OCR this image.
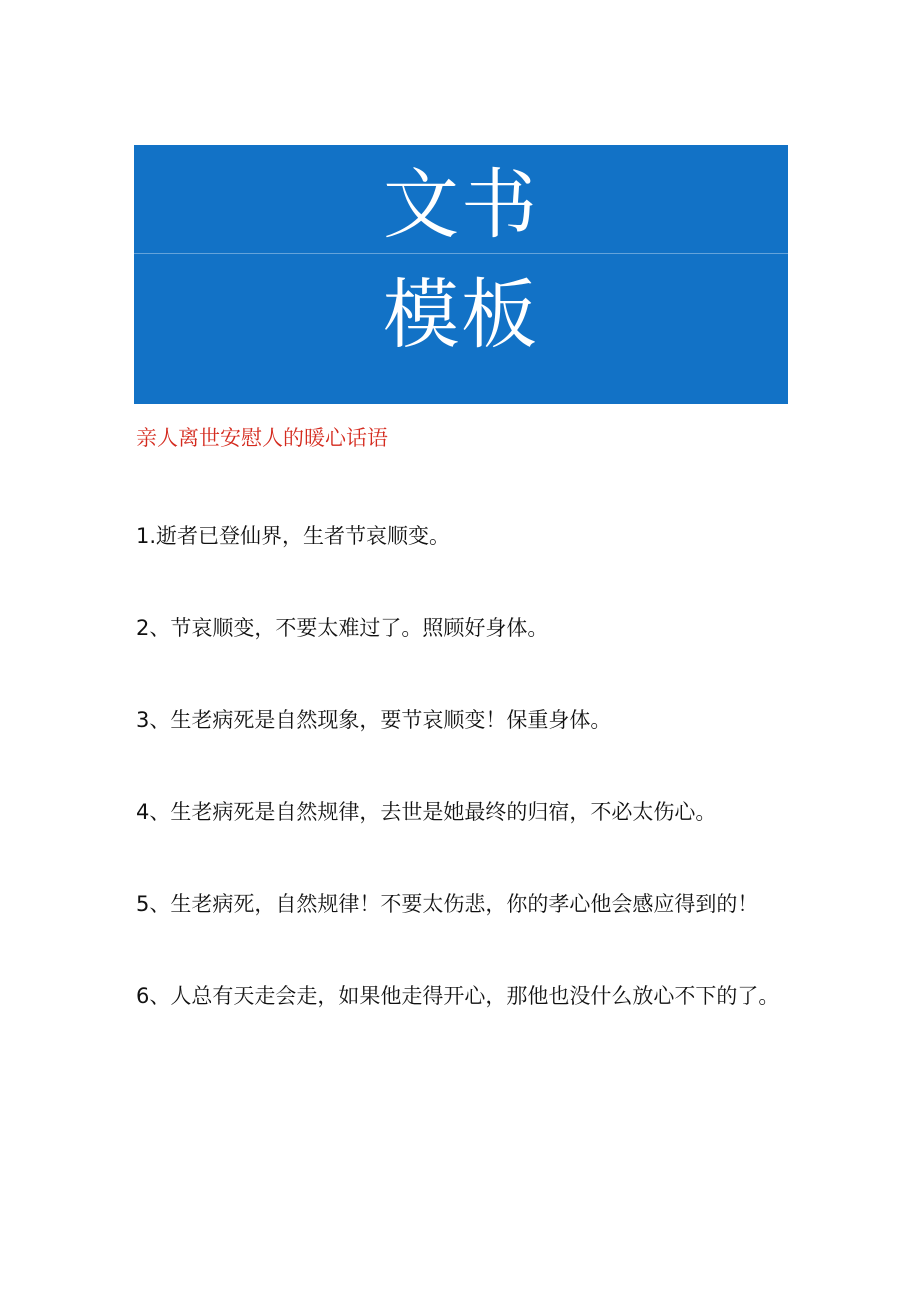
文书
模板
亲人离世安慰人的暖心话语
1.逝者已登仙界，生者节哀顺变。
2、节哀顺变，不要太难过了。照顾好身体。
3、生老病死是自然现象，要节哀顺变！保重身体。
4、生老病死是自然规律，去世是她最终的归宿，不必太伤心。
5、生老病死，自然规律！不要太伤悲，你的孝心他会感应得到的！
6、人总有天走会走，如果他走得开心，那他也没什么放心不下的了。
